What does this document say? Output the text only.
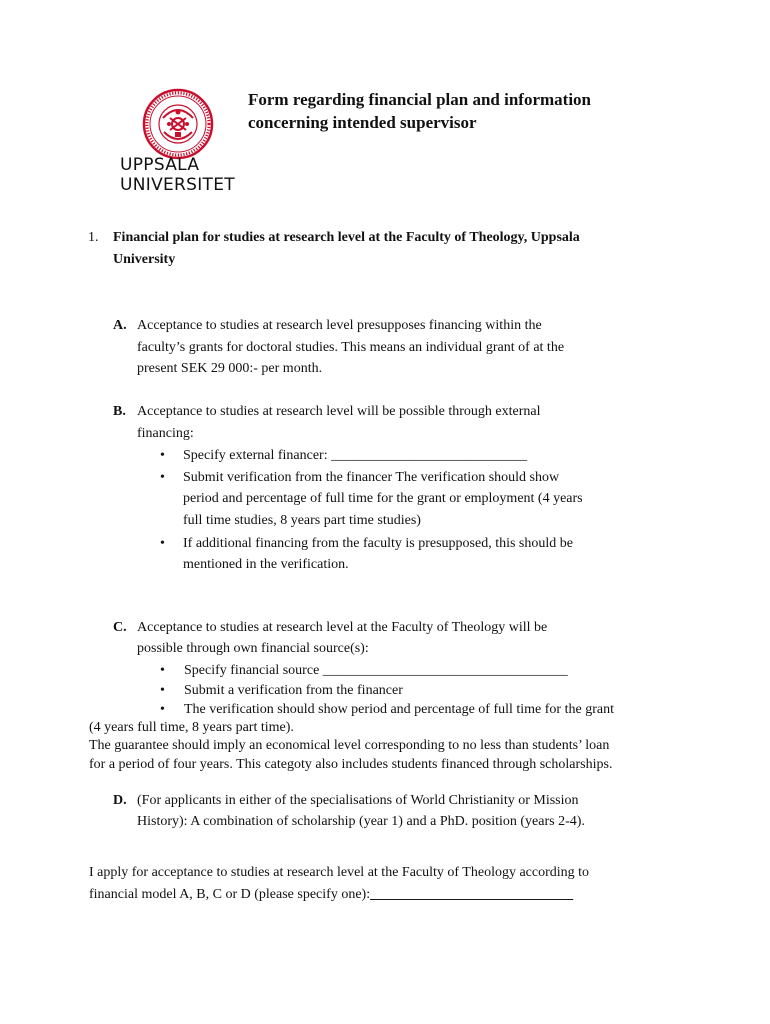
UPPSALA
UNIVERSITET
Form regarding financial plan and information
concerning intended supervisor
1. Financial plan for studies at research level at the Faculty of Theology, Uppsala
University
A. Acceptance to studies at research level presupposes financing within the
faculty’s grants for doctoral studies. This means an individual grant of at the
present SEK 29 000:- per month.
B. Acceptance to studies at research level will be possible through external
financing:
• Specify external financer: ____________________________
• Submit verification from the financer The verification should show
period and percentage of full time for the grant or employment (4 years
full time studies, 8 years part time studies)
• If additional financing from the faculty is presupposed, this should be
mentioned in the verification.
C. Acceptance to studies at research level at the Faculty of Theology will be
possible through own financial source(s):
• Specify financial source ___________________________________
• Submit a verification from the financer
• The verification should show period and percentage of full time for the grant
(4 years full time, 8 years part time).
The guarantee should imply an economical level corresponding to no less than students’ loan
for a period of four years. This categoty also includes students financed through scholarships.
D. (For applicants in either of the specialisations of World Christianity or Mission
History): A combination of scholarship (year 1) and a PhD. position (years 2-4).
I apply for acceptance to studies at research level at the Faculty of Theology according to
financial model A, B, C or D (please specify one):_____________________________
